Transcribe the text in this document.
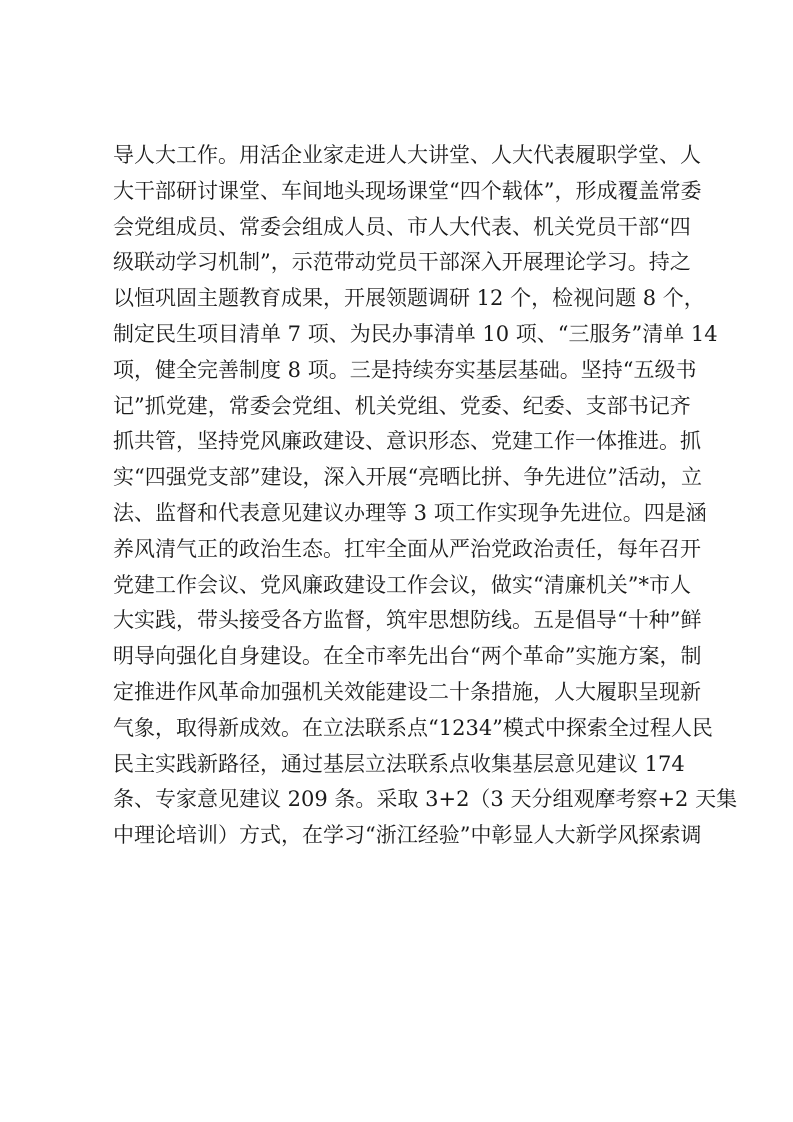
导人大工作。用活企业家走进人大讲堂、人大代表履职学堂、人
大干部研讨课堂、车间地头现场课堂“四个载体”，形成覆盖常委
会党组成员、常委会组成人员、市人大代表、机关党员干部“四
级联动学习机制”，示范带动党员干部深入开展理论学习。持之
以恒巩固主题教育成果，开展领题调研 12 个，检视问题 8 个，
制定民生项目清单 7 项、为民办事清单 10 项、“三服务”清单 14
项，健全完善制度 8 项。三是持续夯实基层基础。坚持“五级书
记”抓党建，常委会党组、机关党组、党委、纪委、支部书记齐
抓共管，坚持党风廉政建设、意识形态、党建工作一体推进。抓
实“四强党支部”建设，深入开展“亮晒比拼、争先进位”活动，立
法、监督和代表意见建议办理等 3 项工作实现争先进位。四是涵
养风清气正的政治生态。扛牢全面从严治党政治责任，每年召开
党建工作会议、党风廉政建设工作会议，做实“清廉机关”*市人
大实践，带头接受各方监督，筑牢思想防线。五是倡导“十种”鲜
明导向强化自身建设。在全市率先出台“两个革命”实施方案，制
定推进作风革命加强机关效能建设二十条措施，人大履职呈现新
气象，取得新成效。在立法联系点“1234”模式中探索全过程人民
民主实践新路径，通过基层立法联系点收集基层意见建议 174
条、专家意见建议 209 条。采取 3+2（3 天分组观摩考察+2 天集
中理论培训）方式，在学习“浙江经验”中彰显人大新学风探索调
